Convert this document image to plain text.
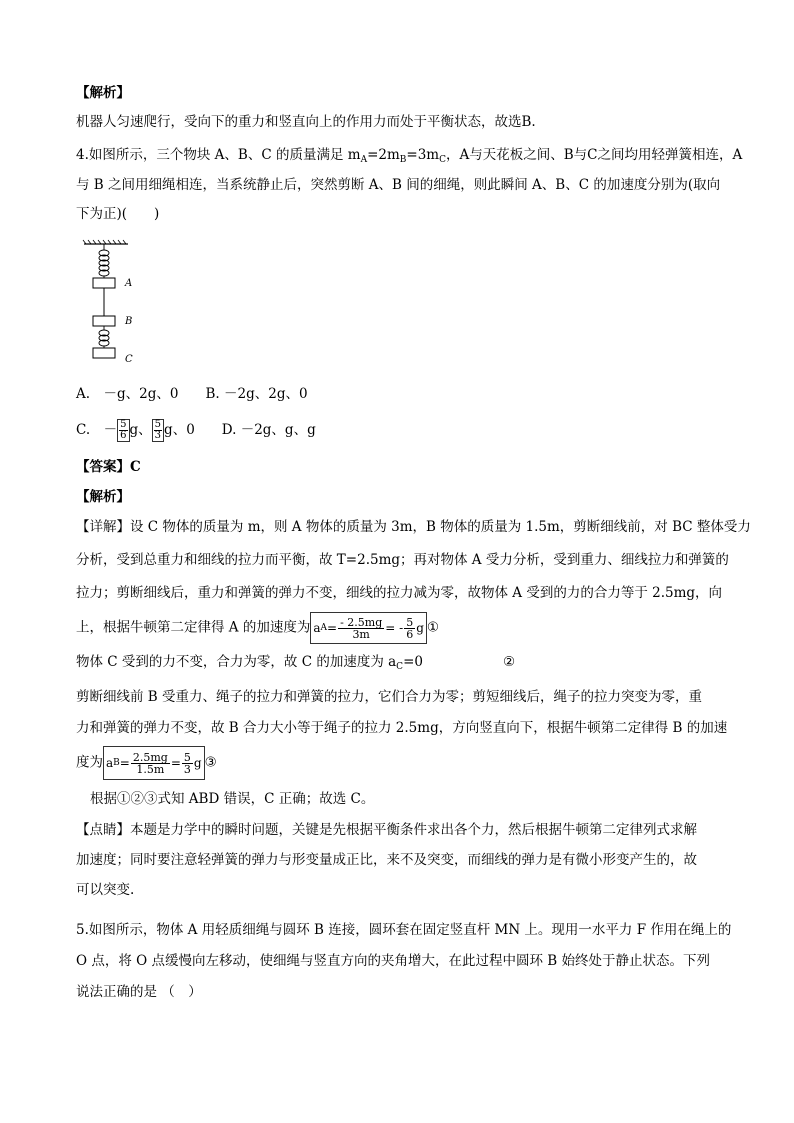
【解析】
机器人匀速爬行，受向下的重力和竖直向上的作用力而处于平衡状态，故选B.
4.如图所示，三个物块 A、B、C 的质量满足 $m_A=2m_B=3m_C$，A与天花板之间、B与C之间均用轻弹簧相连，A
与 B 之间用细绳相连，当系统静止后，突然剪断 A、B 间的细绳，则此瞬间 A、B、C 的加速度分别为(取向
下为正)(　　)
A
B
C
A.　－g、2g、0　　B. －2g、2g、0
C.　－ $\frac{5}{6}$ g、 $\frac{5}{3}$ g、0　　D. －2g、g、g
【答案】C
【解析】
【详解】设 C 物体的质量为 m，则 A 物体的质量为 3m，B 物体的质量为 1.5m，剪断细线前，对 BC 整体受力
分析，受到总重力和细线的拉力而平衡，故 T=2.5mg；再对物体 A 受力分析，受到重力、细线拉力和弹簧的
拉力；剪断细线后，重力和弹簧的弹力不变，细线的拉力减为零，故物体 A 受到的力的合力等于 2.5mg，向
上，根据牛顿第二定律得 A 的加速度为 a $A = \frac{- 2.5mg}{3m}$ = - $\frac{5}{6}$ g ①
物体 C 受到的力不变，合力为零，故 C 的加速度为 $a_C=0$	②
剪断细线前 B 受重力、绳子的拉力和弹簧的拉力，它们合力为零；剪短细线后，绳子的拉力突变为零，重
力和弹簧的弹力不变，故 B 合力大小等于绳子的拉力 2.5mg，方向竖直向下，根据牛顿第二定律得 B 的加速
度为 a $B = \frac{2.5mg}{1.5m} = \frac{5}{3}$ g ③
根据①②③式知 ABD 错误，C 正确；故选 C。
【点睛】本题是力学中的瞬时问题，关键是先根据平衡条件求出各个力，然后根据牛顿第二定律列式求解
加速度；同时要注意轻弹簧的弹力与形变量成正比，来不及突变，而细线的弹力是有微小形变产生的，故
可以突变.
5.如图所示，物体 A 用轻质细绳与圆环 B 连接，圆环套在固定竖直杆 MN 上。现用一水平力 F 作用在绳上的
O 点，将 O 点缓慢向左移动，使细绳与竖直方向的夹角增大，在此过程中圆环 B 始终处于静止状态。下列
说法正确的是 （　）
